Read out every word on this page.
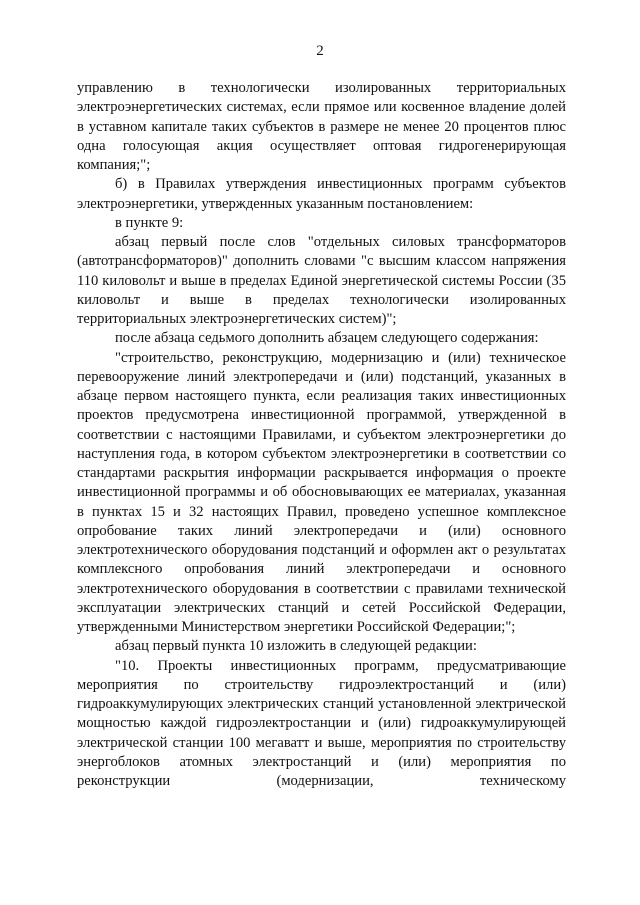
2

управлению в технологически изолированных территориальных электроэнергетических системах, если прямое или косвенное владение долей в уставном капитале таких субъектов в размере не менее 20 процентов плюс одна голосующая акция осуществляет оптовая гидрогенерирующая компания;";

б) в Правилах утверждения инвестиционных программ субъектов электроэнергетики, утвержденных указанным постановлением:

в пункте 9:

абзац первый после слов "отдельных силовых трансформаторов (автотрансформаторов)" дополнить словами "с высшим классом напряжения 110 киловольт и выше в пределах Единой энергетической системы России (35 киловольт и выше в пределах технологически изолированных территориальных электроэнергетических систем)";

после абзаца седьмого дополнить абзацем следующего содержания:

"строительство, реконструкцию, модернизацию и (или) техническое перевооружение линий электропередачи и (или) подстанций, указанных в абзаце первом настоящего пункта, если реализация таких инвестиционных проектов предусмотрена инвестиционной программой, утвержденной в соответствии с настоящими Правилами, и субъектом электроэнергетики до наступления года, в котором субъектом электроэнергетики в соответствии со стандартами раскрытия информации раскрывается информация о проекте инвестиционной программы и об обосновывающих ее материалах, указанная в пунктах 15 и 32 настоящих Правил, проведено успешное комплексное опробование таких линий электропередачи и (или) основного электротехнического оборудования подстанций и оформлен акт о результатах комплексного опробования линий электропередачи и основного электротехнического оборудования в соответствии с правилами технической эксплуатации электрических станций и сетей Российской Федерации, утвержденными Министерством энергетики Российской Федерации;";

абзац первый пункта 10 изложить в следующей редакции:

"10. Проекты инвестиционных программ, предусматривающие мероприятия по строительству гидроэлектростанций и (или) гидроаккумулирующих электрических станций установленной электрической мощностью каждой гидроэлектростанции и (или) гидроаккумулирующей электрической станции 100 мегаватт и выше, мероприятия по строительству энергоблоков атомных электростанций и (или) мероприятия по реконструкции (модернизации, техническому
